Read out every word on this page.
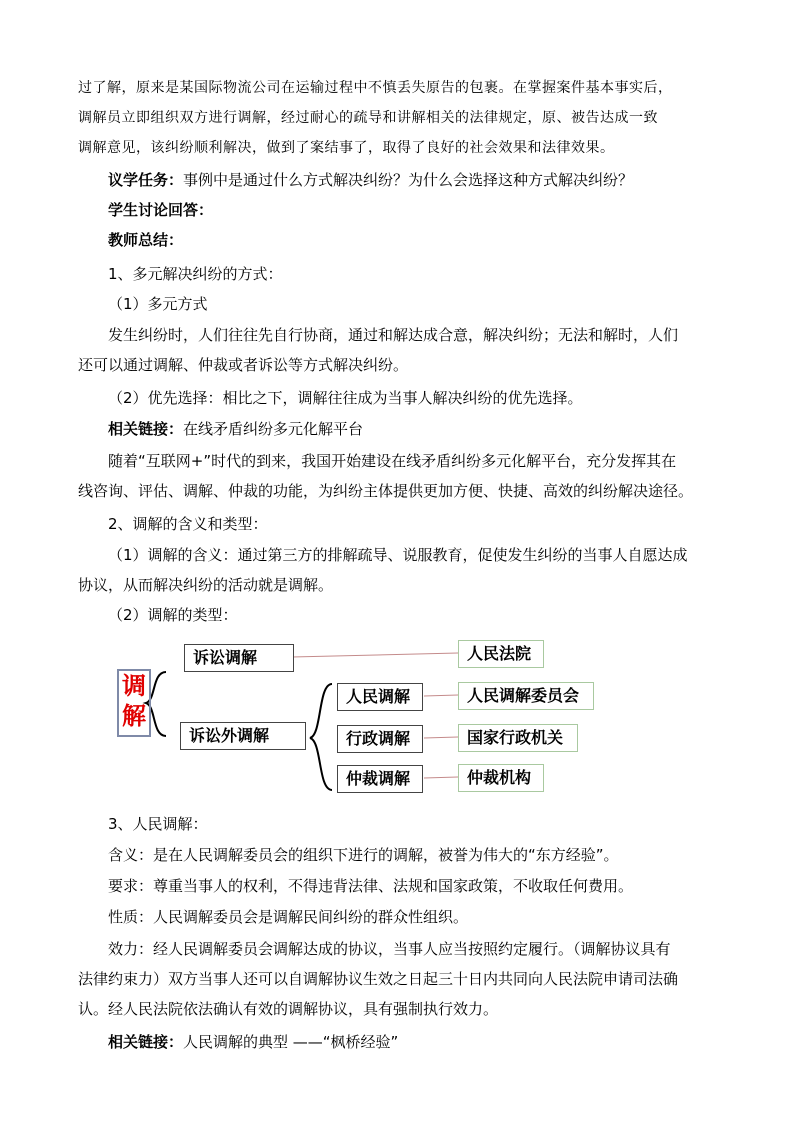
过了解，原来是某国际物流公司在运输过程中不慎丢失原告的包裹。在掌握案件基本事实后，
调解员立即组织双方进行调解，经过耐心的疏导和讲解相关的法律规定，原、被告达成一致
调解意见，该纠纷顺利解决，做到了案结事了，取得了良好的社会效果和法律效果。
议学任务：事例中是通过什么方式解决纠纷？为什么会选择这种方式解决纠纷？
学生讨论回答：
教师总结：
1、多元解决纠纷的方式：
（1）多元方式
发生纠纷时，人们往往先自行协商，通过和解达成合意，解决纠纷；无法和解时，人们
还可以通过调解、仲裁或者诉讼等方式解决纠纷。
（2）优先选择：相比之下，调解往往成为当事人解决纠纷的优先选择。
相关链接：在线矛盾纠纷多元化解平台
随着“互联网+”时代的到来，我国开始建设在线矛盾纠纷多元化解平台，充分发挥其在
线咨询、评估、调解、仲裁的功能，为纠纷主体提供更加方便、快捷、高效的纠纷解决途径。
2、调解的含义和类型：
（1）调解的含义：通过第三方的排解疏导、说服教育，促使发生纠纷的当事人自愿达成
协议，从而解决纠纷的活动就是调解。
（2）调解的类型：
调解
诉讼调解
诉讼外调解
人民调解
行政调解
仲裁调解
人民法院
人民调解委员会
国家行政机关
仲裁机构
3、人民调解：
含义：是在人民调解委员会的组织下进行的调解，被誉为伟大的“东方经验”。
要求：尊重当事人的权利，不得违背法律、法规和国家政策，不收取任何费用。
性质：人民调解委员会是调解民间纠纷的群众性组织。
效力：经人民调解委员会调解达成的协议，当事人应当按照约定履行。（调解协议具有
法律约束力）双方当事人还可以自调解协议生效之日起三十日内共同向人民法院申请司法确
认。经人民法院依法确认有效的调解协议，具有强制执行效力。
相关链接：人民调解的典型 ——“枫桥经验”
